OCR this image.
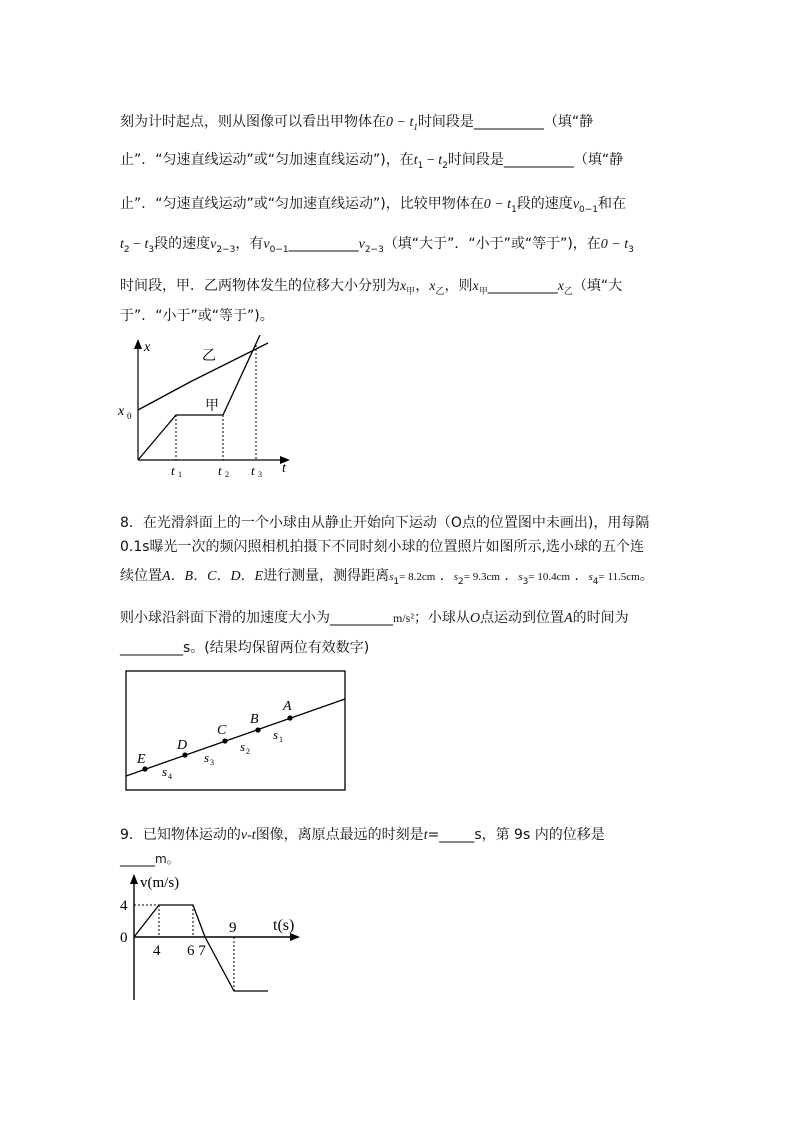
刻为计时起点，则从图像可以看出甲物体在$0 - t_1$时间段是__________（填“静
止”．“匀速直线运动”或“匀加速直线运动”)，在$t_1 - t_2$时间段是__________（填“静
止”．“匀速直线运动”或“匀加速直线运动”)，比较甲物体在$0 - t_1$段的速度$v_{0-1}$和在
$t_2 - t_3$段的速度$v_{2-3}$，有$v_{0-1}\_\_\_\_\_\_\_\_\_\_v_{2-3}$（填“大于”．“小于”或“等于”)，在$0 - t_3$
时间段，甲．乙两物体发生的位移大小分别为$x_甲$，$x_乙$，则$x_甲\_\_\_\_\_\_\_\_\_\_x_乙$（填“大
于”．“小于”或“等于”)。
x
t
x 0
乙
甲
t 1	t 2 t 3
8．在光滑斜面上的一个小球由从静止开始向下运动（O点的位置图中未画出)，用每隔
0.1s曝光一次的频闪照相机拍摄下不同时刻小球的位置照片如图所示,选小球的五个连
续位置A．B．C．D．E进行测量，测得距离$s_1= 8.2cm$ ．$s_2= 9.3cm$ ．$s_3= 10.4cm$ ．$s_4= 11.5cm$。
则小球沿斜面下滑的加速度大小为_________m/s²；小球从O点运动到位置A的时间为
_________s。(结果均保留两位有效数字)
E
D
C
B
A
s 1
s 2
s 3
s 4
9．已知物体运动的v-t图像，离原点最远的时刻是t=_____s，第 9s 内的位移是
_____m。
v(m/s)
t(s)
4
0
4 6 7
9
